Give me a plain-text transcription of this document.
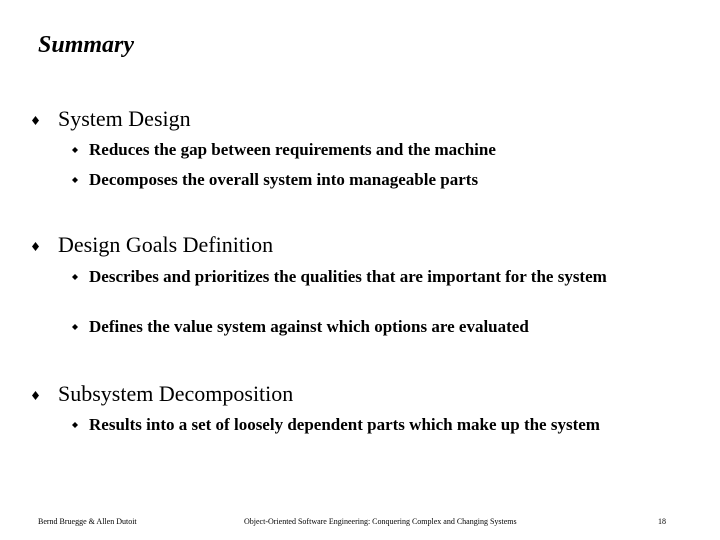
Summary
System Design
Reduces the gap between requirements and the machine
Decomposes the overall system into manageable parts
Design Goals Definition
Describes and prioritizes the qualities that are important for the system
Defines the value system against which options are evaluated
Subsystem Decomposition
Results into a set of loosely dependent parts which make up the system
Bernd Bruegge & Allen Dutoit	Object-Oriented Software Engineering: Conquering Complex and Changing Systems	18
